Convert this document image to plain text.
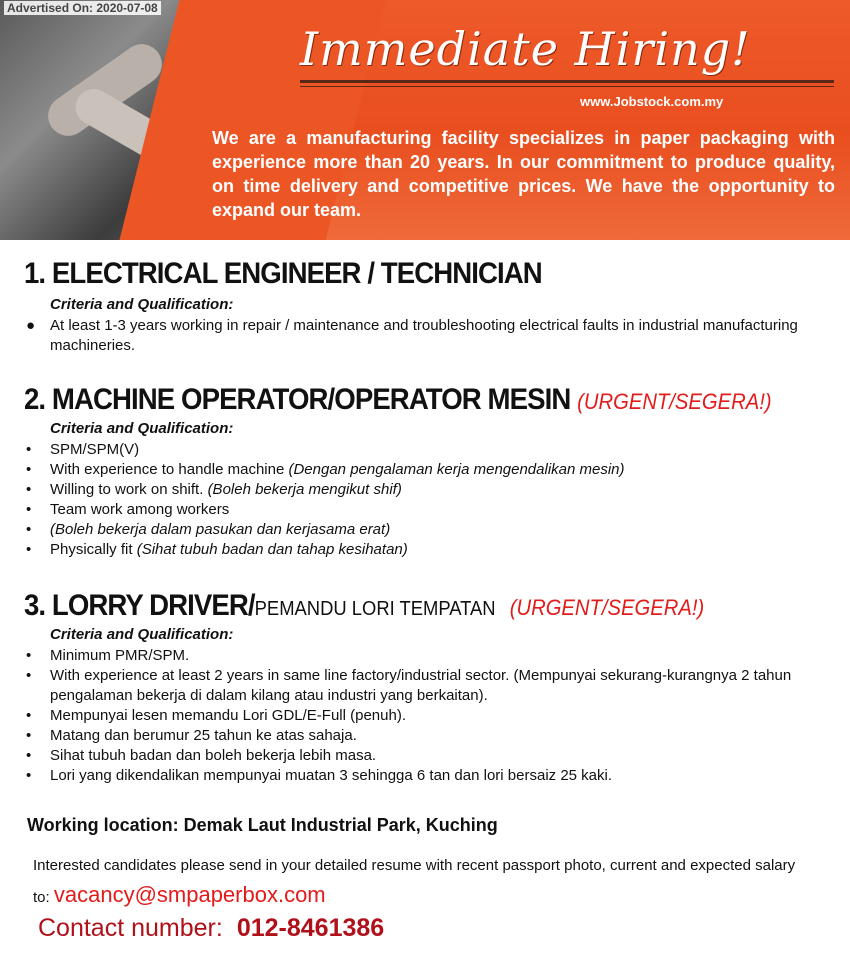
Immediate Hiring!
www.Jobstock.com.my
We are a manufacturing facility specializes in paper packaging with experience more than 20 years. In our commitment to produce quality, on time delivery and competitive prices. We have the opportunity to expand our team.
Advertised On: 2020-07-08
1. ELECTRICAL ENGINEER / TECHNICIAN
Criteria and Qualification:
● At least 1-3 years working in repair / maintenance and troubleshooting electrical faults in industrial manufacturing machineries.
2. MACHINE OPERATOR/OPERATOR MESIN (URGENT/SEGERA!)
Criteria and Qualification:
• SPM/SPM(V)
• With experience to handle machine (Dengan pengalaman kerja mengendalikan mesin)
• Willing to work on shift. (Boleh bekerja mengikut shif)
• Team work among workers
• (Boleh bekerja dalam pasukan dan kerjasama erat)
• Physically fit (Sihat tubuh badan dan tahap kesihatan)
3. LORRY DRIVER/PEMANDU LORI TEMPATAN (URGENT/SEGERA!)
Criteria and Qualification:
• Minimum PMR/SPM.
• With experience at least 2 years in same line factory/industrial sector. (Mempunyai sekurang-kurangnya 2 tahun pengalaman bekerja di dalam kilang atau industri yang berkaitan).
• Mempunyai lesen memandu Lori GDL/E-Full (penuh).
• Matang dan berumur 25 tahun ke atas sahaja.
• Sihat tubuh badan dan boleh bekerja lebih masa.
• Lori yang dikendalikan mempunyai muatan 3 sehingga 6 tan dan lori bersaiz 25 kaki.
Working location: Demak Laut Industrial Park, Kuching
Interested candidates please send in your detailed resume with recent passport photo, current and expected salary to: vacancy@smpaperbox.com
Contact number: 012-8461386
